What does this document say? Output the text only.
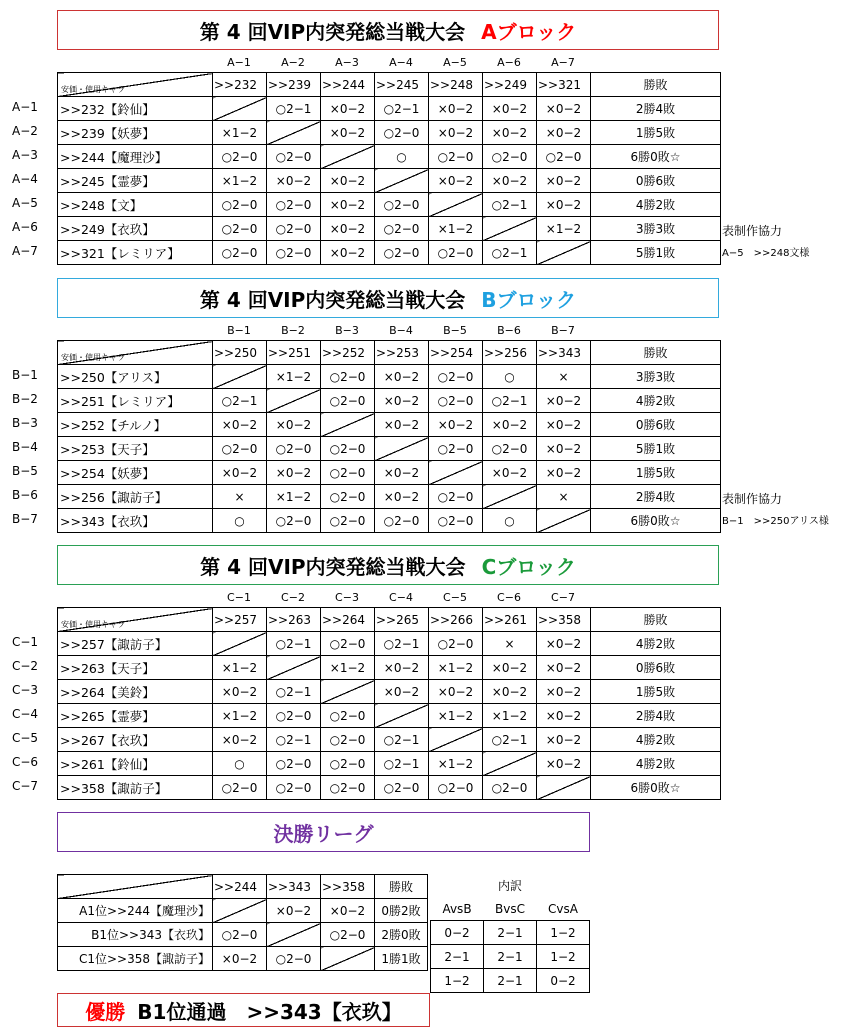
第 4 回VIP内突発総当戦大会 Aブロック
A−1	A−2	A−3	A−4	A−5	A−6	A−7
A−1
A−2
A−3
A−4
A−5
A−6
A−7
安価・使用キャラ	>>232	>>239	>>244	>>245	>>248	>>249	>>321	勝敗
>>232【鈴仙】		○2−1	×0−2	○2−1	×0−2	×0−2	×0−2	2勝4敗
>>239【妖夢】	×1−2		×0−2	○2−0	×0−2	×0−2	×0−2	1勝5敗
>>244【魔理沙】	○2−0	○2−0		○	○2−0	○2−0	○2−0	6勝0敗☆
>>245【霊夢】	×1−2	×0−2	×0−2		×0−2	×0−2	×0−2	0勝6敗
>>248【文】	○2−0	○2−0	×0−2	○2−0		○2−1	×0−2	4勝2敗
>>249【衣玖】	○2−0	○2−0	×0−2	○2−0	×1−2		×1−2	3勝3敗
>>321【レミリア】	○2−0	○2−0	×0−2	○2−0	○2−0	○2−1		5勝1敗
表制作協力
A−5　>>248文様
第 4 回VIP内突発総当戦大会 Bブロック
B−1	B−2	B−3	B−4	B−5	B−6	B−7
B−1
B−2
B−3
B−4
B−5
B−6
B−7
安価・使用キャラ	>>250	>>251	>>252	>>253	>>254	>>256	>>343	勝敗
>>250【アリス】		×1−2	○2−0	×0−2	○2−0	○	×	3勝3敗
>>251【レミリア】	○2−1		○2−0	×0−2	○2−0	○2−1	×0−2	4勝2敗
>>252【チルノ】	×0−2	×0−2		×0−2	×0−2	×0−2	×0−2	0勝6敗
>>253【天子】	○2−0	○2−0	○2−0		○2−0	○2−0	×0−2	5勝1敗
>>254【妖夢】	×0−2	×0−2	○2−0	×0−2		×0−2	×0−2	1勝5敗
>>256【諏訪子】	×	×1−2	○2−0	×0−2	○2−0		×	2勝4敗
>>343【衣玖】	○	○2−0	○2−0	○2−0	○2−0	○		6勝0敗☆
表制作協力
B−1　>>250アリス様
第 4 回VIP内突発総当戦大会 Cブロック
C−1	C−2	C−3	C−4	C−5	C−6	C−7
C−1
C−2
C−3
C−4
C−5
C−6
C−7
安価・使用キャラ	>>257	>>263	>>264	>>265	>>266	>>261	>>358	勝敗
>>257【諏訪子】		○2−1	○2−0	○2−1	○2−0	×	×0−2	4勝2敗
>>263【天子】	×1−2		×1−2	×0−2	×1−2	×0−2	×0−2	0勝6敗
>>264【美鈴】	×0−2	○2−1		×0−2	×0−2	×0−2	×0−2	1勝5敗
>>265【霊夢】	×1−2	○2−0	○2−0		×1−2	×1−2	×0−2	2勝4敗
>>267【衣玖】	×0−2	○2−1	○2−0	○2−1		○2−1	×0−2	4勝2敗
>>261【鈴仙】	○	○2−0	○2−0	○2−1	×1−2		×0−2	4勝2敗
>>358【諏訪子】	○2−0	○2−0	○2−0	○2−0	○2−0	○2−0		6勝0敗☆
決勝リーグ
	>>244	>>343	>>358	勝敗
A1位>>244【魔理沙】		×0−2	×0−2	0勝2敗
B1位>>343【衣玖】	○2−0		○2−0	2勝0敗
C1位>>358【諏訪子】	×0−2	○2−0		1勝1敗
内訳		
AvsB	BvsC	CvsA
0−2	2−1	1−2
2−1	2−1	1−2
1−2	2−1	0−2
優勝 B1位通過　>>343【衣玖】
